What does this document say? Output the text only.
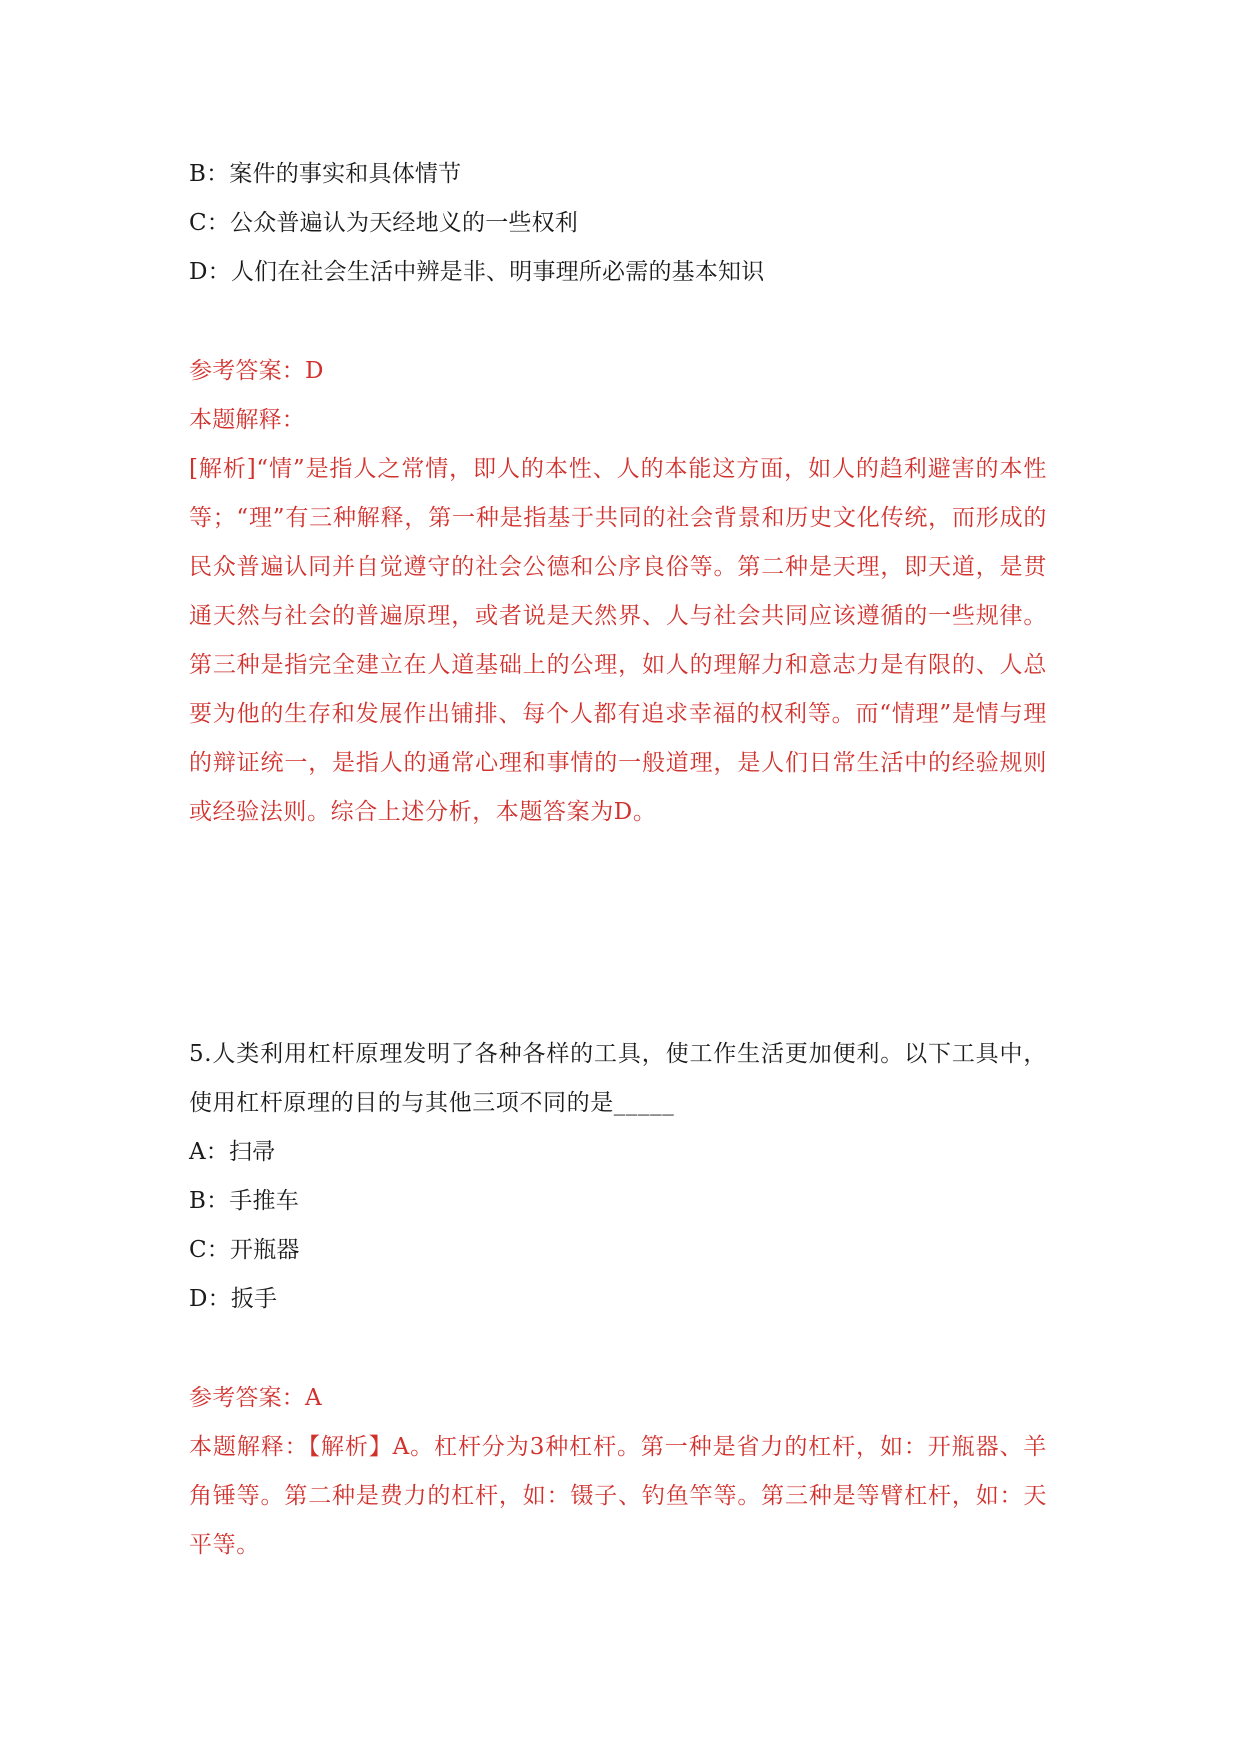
B：案件的事实和具体情节
C：公众普遍认为天经地义的一些权利
D：人们在社会生活中辨是非、明事理所必需的基本知识
参考答案：D
本题解释：
[解析]“情”是指人之常情，即人的本性、人的本能这方面，如人的趋利避害的本性等；“理”有三种解释，第一种是指基于共同的社会背景和历史文化传统，而形成的民众普遍认同并自觉遵守的社会公德和公序良俗等。第二种是天理，即天道，是贯通天然与社会的普遍原理，或者说是天然界、人与社会共同应该遵循的一些规律。第三种是指完全建立在人道基础上的公理，如人的理解力和意志力是有限的、人总要为他的生存和发展作出铺排、每个人都有追求幸福的权利等。而“情理”是情与理的辩证统一，是指人的通常心理和事情的一般道理，是人们日常生活中的经验规则或经验法则。综合上述分析，本题答案为D。
5.人类利用杠杆原理发明了各种各样的工具，使工作生活更加便利。以下工具中，使用杠杆原理的目的与其他三项不同的是_____
A：扫帚
B：手推车
C：开瓶器
D：扳手
参考答案：A
本题解释：【解析】A。杠杆分为3种杠杆。第一种是省力的杠杆，如：开瓶器、羊角锤等。第二种是费力的杠杆，如：镊子、钓鱼竿等。第三种是等臂杠杆，如：天平等。
